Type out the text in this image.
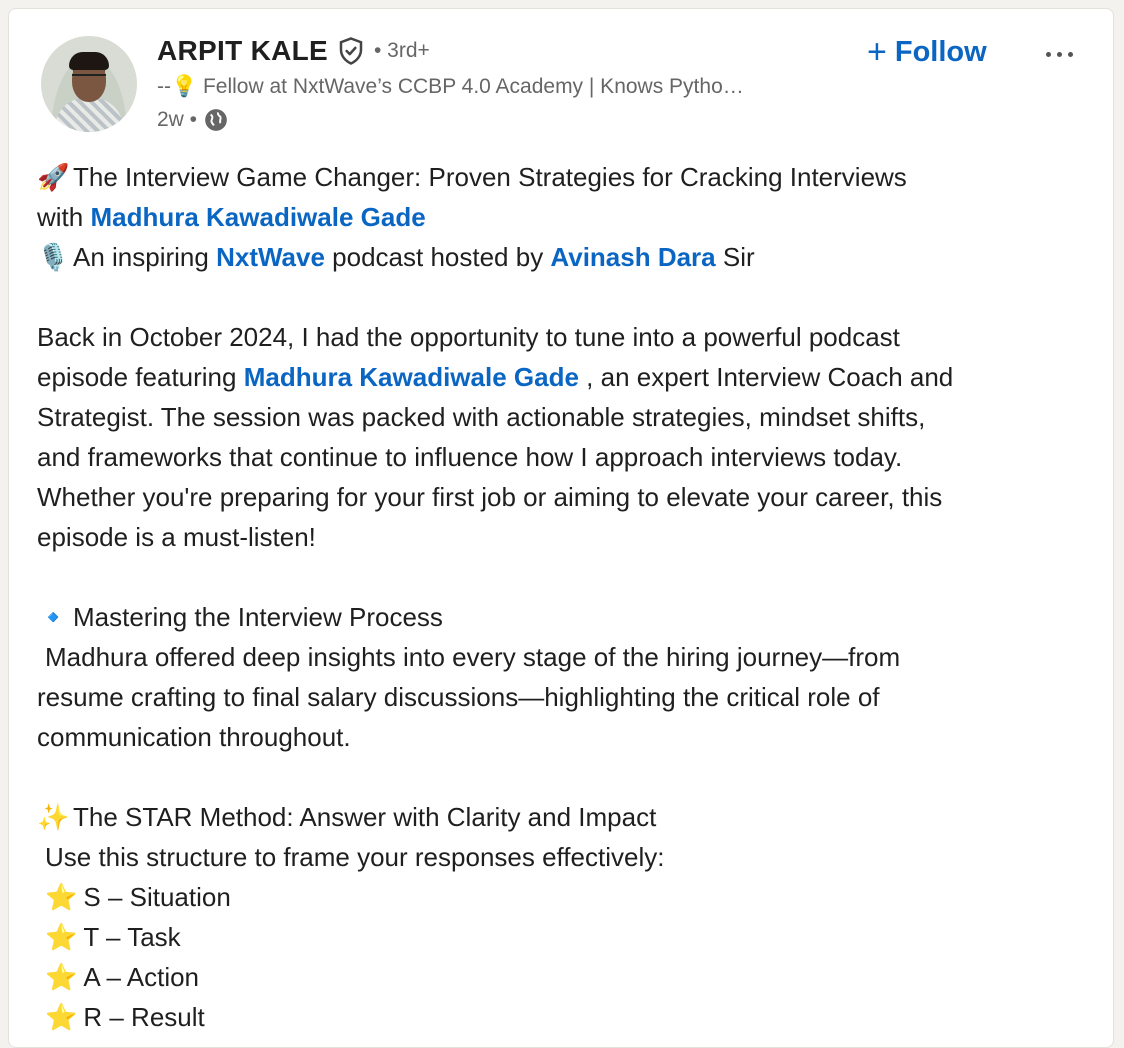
ARPIT KALE • 3rd+
--💡 Fellow at NxtWave’s CCBP 4.0 Academy | Knows Pytho…
2w •
+ Follow
🚀 The Interview Game Changer: Proven Strategies for Cracking Interviews
with Madhura Kawadiwale Gade
🎙️ An inspiring NxtWave podcast hosted by Avinash Dara Sir
Back in October 2024, I had the opportunity to tune into a powerful podcast
episode featuring Madhura Kawadiwale Gade , an expert Interview Coach and
Strategist. The session was packed with actionable strategies, mindset shifts,
and frameworks that continue to influence how I approach interviews today.
Whether you're preparing for your first job or aiming to elevate your career, this
episode is a must-listen!
🔹 Mastering the Interview Process
Madhura offered deep insights into every stage of the hiring journey—from
resume crafting to final salary discussions—highlighting the critical role of
communication throughout.
✨ The STAR Method: Answer with Clarity and Impact
Use this structure to frame your responses effectively:
⭐ S – Situation
⭐ T – Task
⭐ A – Action
⭐ R – Result
